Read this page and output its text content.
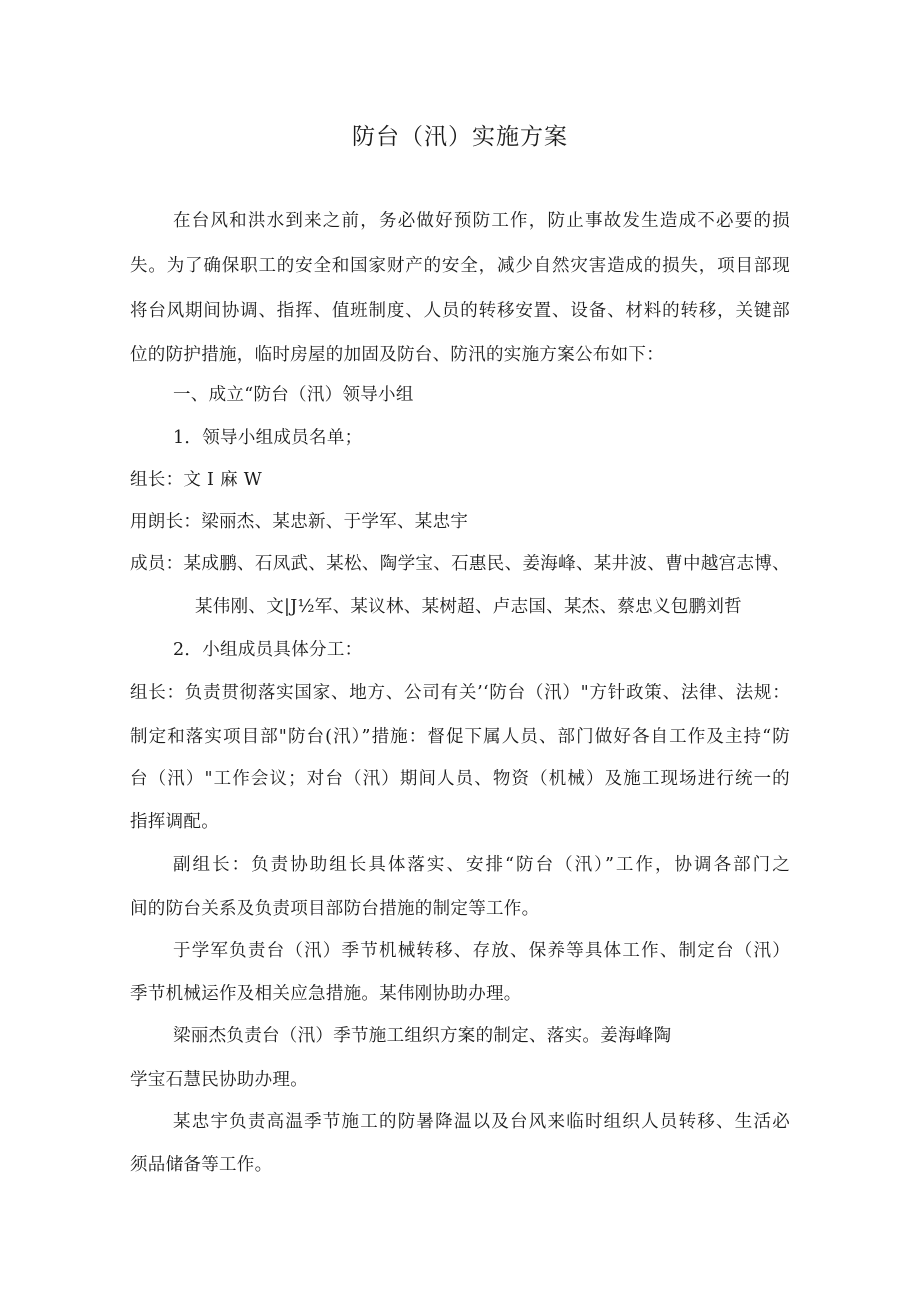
防台（汛）实施方案
在台风和洪水到来之前，务必做好预防工作，防止事故发生造成不必要的损
失。为了确保职工的安全和国家财产的安全，减少自然灾害造成的损失，项目部现
将台风期间协调、指挥、值班制度、人员的转移安置、设备、材料的转移，关键部
位的防护措施，临时房屋的加固及防台、防汛的实施方案公布如下：
一、成立“防台（汛）领导小组
1．领导小组成员名单；
组长：文 I 麻 W
用朗长：梁丽杰、某忠新、于学军、某忠宇
成员：某成鹏、石凤武、某松、陶学宝、石惠民、姜海峰、某井波、曹中越宫志博、
某伟刚、文|J½军、某议林、某树超、卢志国、某杰、蔡忠义包鹏刘哲
2．小组成员具体分工：
组长：负责贯彻落实国家、地方、公司有关’‘防台（汛）"方针政策、法律、法规：
制定和落实项目部"防台(汛）”措施：督促下属人员、部门做好各自工作及主持“防
台（汛）"工作会议；对台（汛）期间人员、物资（机械）及施工现场进行统一的
指挥调配。
副组长：负责协助组长具体落实、安排“防台（汛）”工作，协调各部门之
间的防台关系及负责项目部防台措施的制定等工作。
于学军负责台（汛）季节机械转移、存放、保养等具体工作、制定台（汛）
季节机械运作及相关应急措施。某伟刚协助办理。
梁丽杰负责台（汛）季节施工组织方案的制定、落实。姜海峰陶
学宝石慧民协助办理。
某忠宇负责高温季节施工的防暑降温以及台风来临时组织人员转移、生活必
须品储备等工作。
